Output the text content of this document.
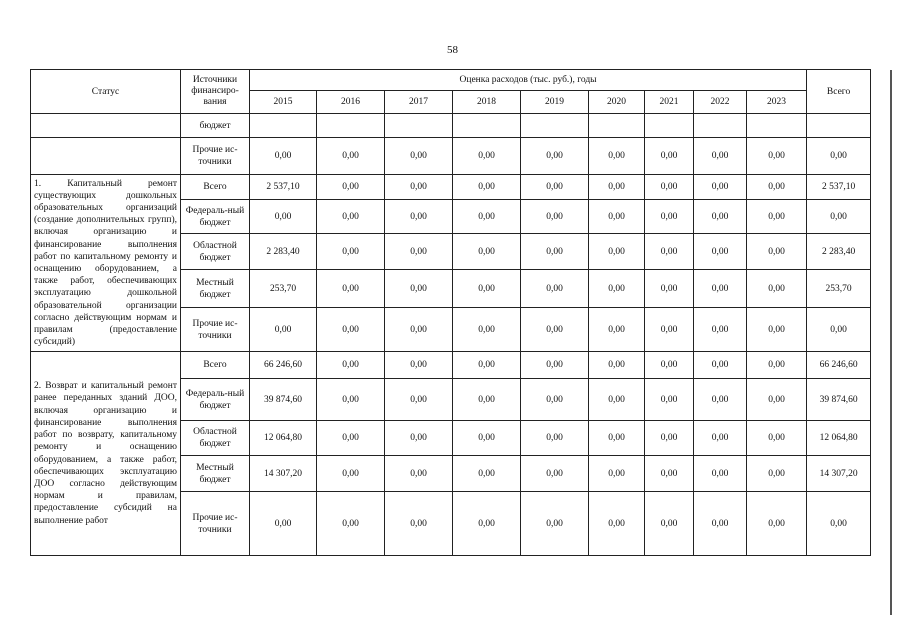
58
Статус	Источники финансиро-вания	Оценка расходов (тыс. руб.), годы									Всего
		2015	2016	2017	2018	2019	2020	2021	2022	2023	
	бюджет										
	Прочие ис-точники	0,00	0,00	0,00	0,00	0,00	0,00	0,00	0,00	0,00	0,00
1. Капитальный ремонт существующих дошкольных образовательных организаций (создание дополнительных групп), включая организацию и финансирование выполнения работ по капитальному ремонту и оснащению оборудованием, а также работ, обеспечивающих эксплуатацию дошкольной образовательной организации согласно действующим нормам и правилам (предоставление субсидий)	Всего	2 537,10	0,00	0,00	0,00	0,00	0,00	0,00	0,00	0,00	2 537,10
	Федераль-ный бюджет	0,00	0,00	0,00	0,00	0,00	0,00	0,00	0,00	0,00	0,00
	Областной бюджет	2 283,40	0,00	0,00	0,00	0,00	0,00	0,00	0,00	0,00	2 283,40
	Местный бюджет	253,70	0,00	0,00	0,00	0,00	0,00	0,00	0,00	0,00	253,70
	Прочие ис-точники	0,00	0,00	0,00	0,00	0,00	0,00	0,00	0,00	0,00	0,00
2. Возврат и капитальный ремонт ранее переданных зданий ДОО, включая организацию и финансирование выполнения работ по возврату, капитальному ремонту и оснащению оборудованием, а также работ, обеспечивающих эксплуатацию ДОО согласно действующим нормам и правилам, предоставление субсидий на выполнение работ	Всего	66 246,60	0,00	0,00	0,00	0,00	0,00	0,00	0,00	0,00	66 246,60
	Федераль-ный бюджет	39 874,60	0,00	0,00	0,00	0,00	0,00	0,00	0,00	0,00	39 874,60
	Областной бюджет	12 064,80	0,00	0,00	0,00	0,00	0,00	0,00	0,00	0,00	12 064,80
	Местный бюджет	14 307,20	0,00	0,00	0,00	0,00	0,00	0,00	0,00	0,00	14 307,20
	Прочие ис-точники	0,00	0,00	0,00	0,00	0,00	0,00	0,00	0,00	0,00	0,00
